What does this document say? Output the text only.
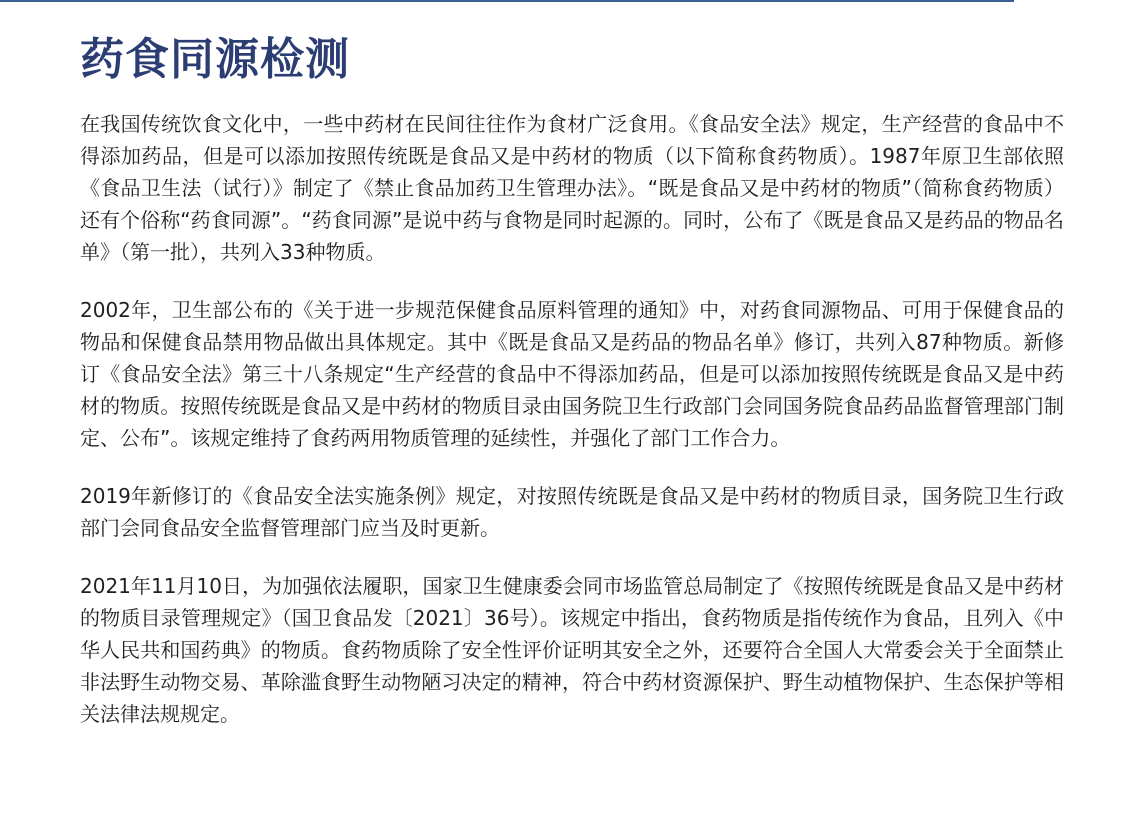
药食同源检测

在我国传统饮食文化中，一些中药材在民间往往作为食材广泛食用。《食品安全法》规定，生产经营的食品中不得添加药品，但是可以添加按照传统既是食品又是中药材的物质（以下简称食药物质）。1987年原卫生部依照《食品卫生法（试行）》制定了《禁止食品加药卫生管理办法》。“既是食品又是中药材的物质”（简称食药物质）还有个俗称“药食同源”。“药食同源”是说中药与食物是同时起源的。同时，公布了《既是食品又是药品的物品名单》（第一批），共列入33种物质。

2002年，卫生部公布的《关于进一步规范保健食品原料管理的通知》中，对药食同源物品、可用于保健食品的物品和保健食品禁用物品做出具体规定。其中《既是食品又是药品的物品名单》修订，共列入87种物质。新修订《食品安全法》第三十八条规定“生产经营的食品中不得添加药品，但是可以添加按照传统既是食品又是中药材的物质。按照传统既是食品又是中药材的物质目录由国务院卫生行政部门会同国务院食品药品监督管理部门制定、公布”。该规定维持了食药两用物质管理的延续性，并强化了部门工作合力。

2019年新修订的《食品安全法实施条例》规定，对按照传统既是食品又是中药材的物质目录，国务院卫生行政部门会同食品安全监督管理部门应当及时更新。

2021年11月10日，为加强依法履职，国家卫生健康委会同市场监管总局制定了《按照传统既是食品又是中药材的物质目录管理规定》（国卫食品发〔2021〕36号）。该规定中指出，食药物质是指传统作为食品，且列入《中华人民共和国药典》的物质。食药物质除了安全性评价证明其安全之外，还要符合全国人大常委会关于全面禁止非法野生动物交易、革除滥食野生动物陋习决定的精神，符合中药材资源保护、野生动植物保护、生态保护等相关法律法规规定。
